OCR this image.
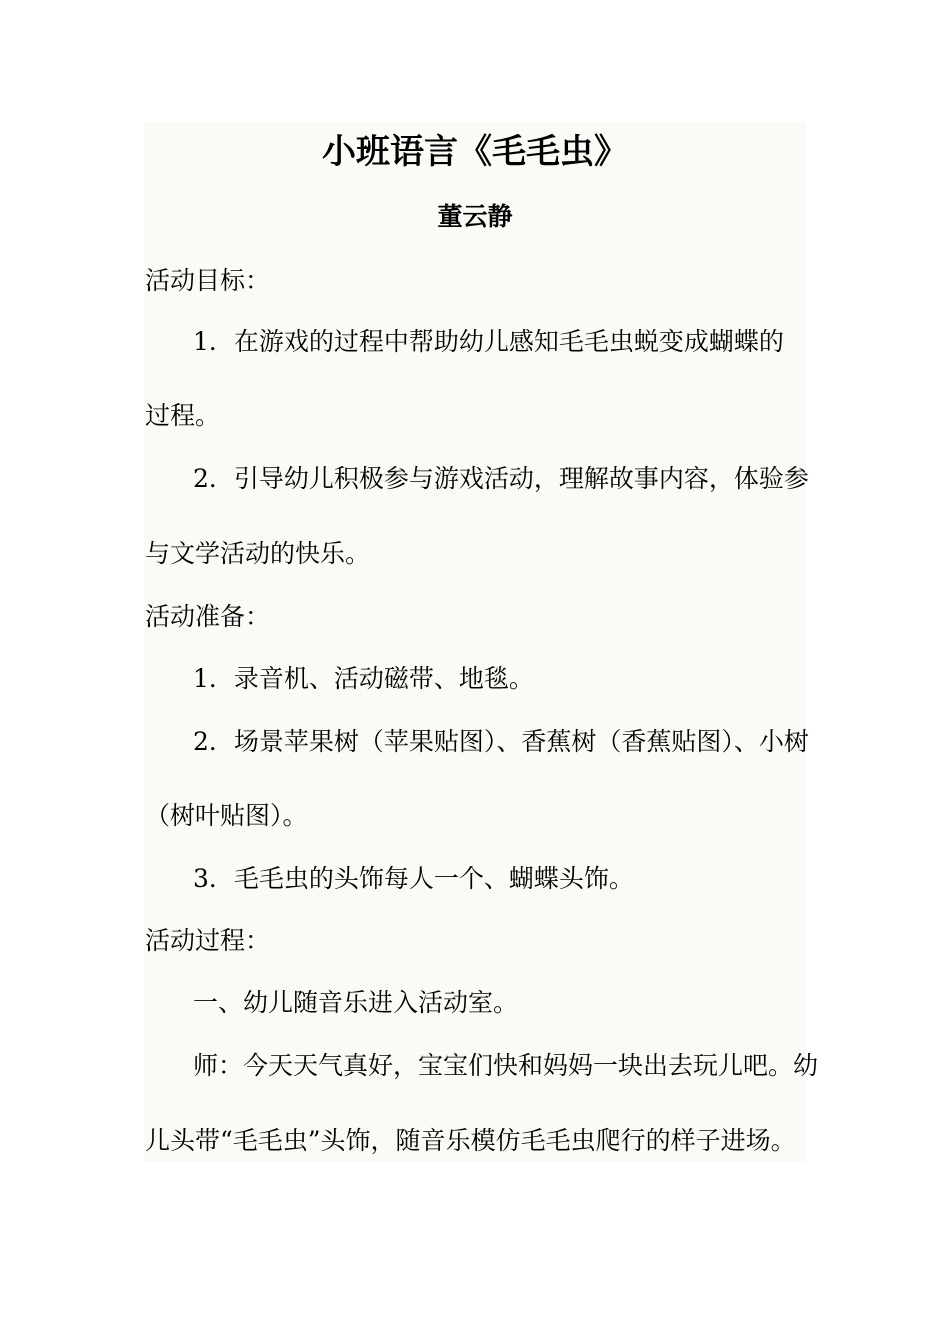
小班语言《毛毛虫》
董云静
活动目标：
1．在游戏的过程中帮助幼儿感知毛毛虫蜕变成蝴蝶的
过程。
2．引导幼儿积极参与游戏活动，理解故事内容，体验参
与文学活动的快乐。
活动准备：
1．录音机、活动磁带、地毯。
2．场景苹果树（苹果贴图）、香蕉树（香蕉贴图）、小树
（树叶贴图）。
3．毛毛虫的头饰每人一个、蝴蝶头饰。
活动过程：
一、幼儿随音乐进入活动室。
师：今天天气真好，宝宝们快和妈妈一块出去玩儿吧。幼
儿头带“毛毛虫”头饰，随音乐模仿毛毛虫爬行的样子进场。
